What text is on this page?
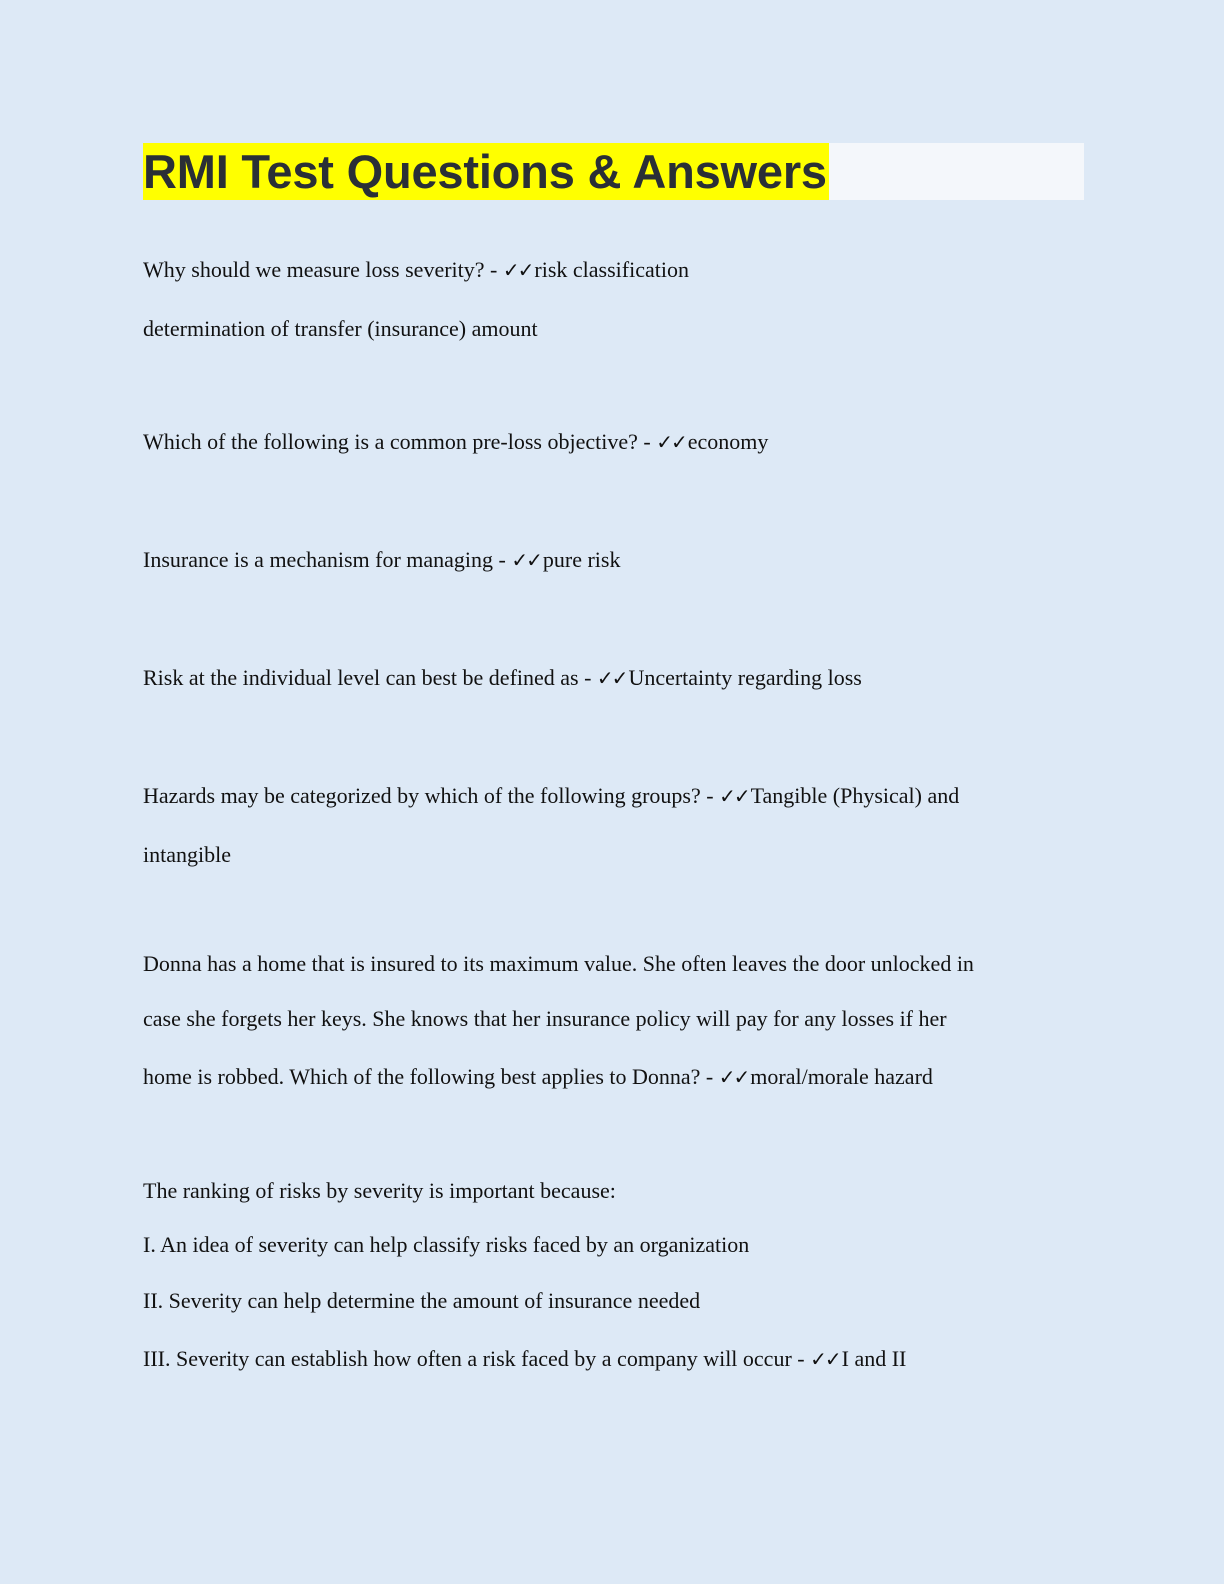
RMI Test Questions & Answers
Why should we measure loss severity? - ✓✓risk classification
determination of transfer (insurance) amount
Which of the following is a common pre-loss objective? - ✓✓economy
Insurance is a mechanism for managing - ✓✓pure risk
Risk at the individual level can best be defined as - ✓✓Uncertainty regarding loss
Hazards may be categorized by which of the following groups? - ✓✓Tangible (Physical) and
intangible
Donna has a home that is insured to its maximum value. She often leaves the door unlocked in
case she forgets her keys. She knows that her insurance policy will pay for any losses if her
home is robbed. Which of the following best applies to Donna? - ✓✓moral/morale hazard
The ranking of risks by severity is important because:
I. An idea of severity can help classify risks faced by an organization
II. Severity can help determine the amount of insurance needed
III. Severity can establish how often a risk faced by a company will occur - ✓✓I and II
